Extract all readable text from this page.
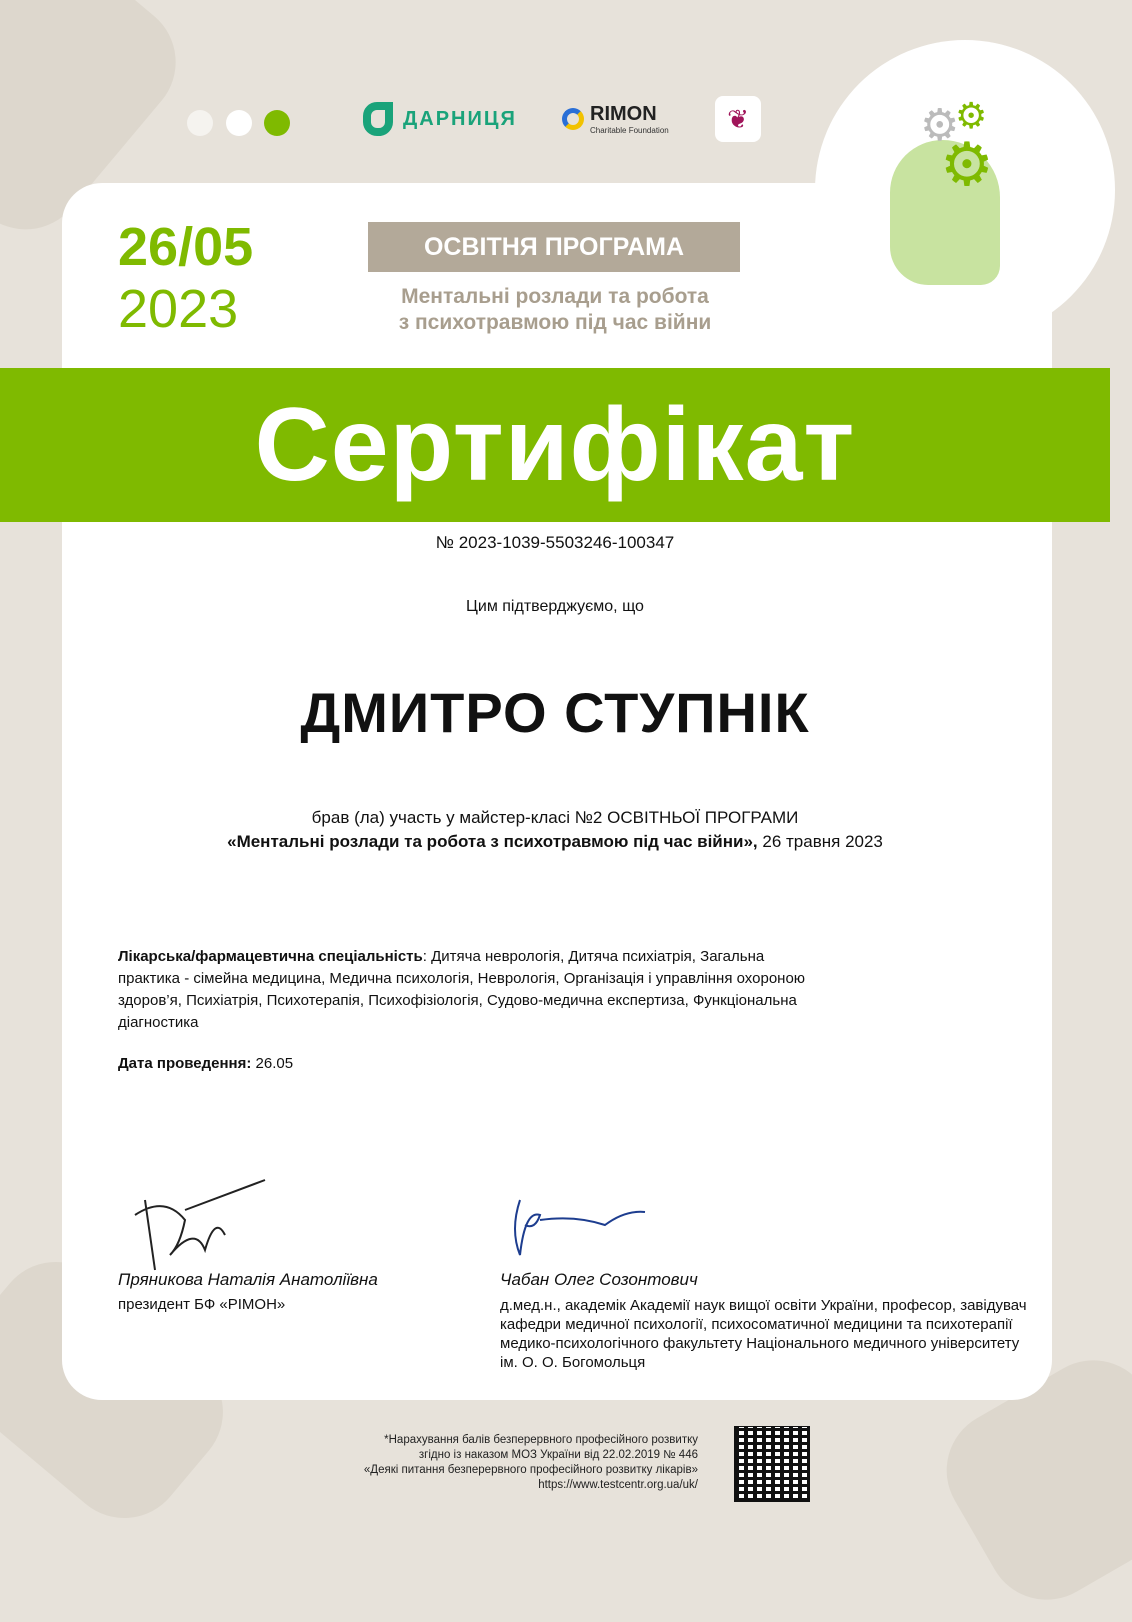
ДАРНИЦЯ	RIMON
Charitable Foundation	❦	⚙
⚙
⚙
26/05
2023
ОСВІТНЯ ПРОГРАМА
Ментальні розлади та робота
з психотравмою під час війни
Сертифікат
№ 2023-1039-5503246-100347
Цим підтверджуємо, що
ДМИТРО СТУПНІК
брав (ла) участь у майстер-класі №2 ОСВІТНЬОЇ ПРОГРАМИ
«Ментальні розлади та робота з психотравмою під час війни», 26 травня 2023
Лікарська/фармацевтична спеціальність: Дитяча неврологія, Дитяча психіатрія, Загальна практика - сімейна медицина, Медична психологія, Неврологія, Організація і управління охороною здоров’я, Психіатрія, Психотерапія, Психофізіологія, Судово-медична експертиза, Функціональна діагностика
Дата проведення: 26.05
Пряникова Наталія Анатоліївна
президент БФ «РІМОН»
Чабан Олег Созонтович
д.мед.н., академік Академії наук вищої освіти України, професор, завідувач кафедри медичної психології, психосоматичної медицини та психотерапії медико-психологічного факультету Національного медичного університету ім. О. О. Богомольця
*Нарахування балів безперервного професійного розвитку
згідно із наказом МОЗ України від 22.02.2019 № 446
«Деякі питання безперервного професійного розвитку лікарів»
https://www.testcentr.org.ua/uk/
